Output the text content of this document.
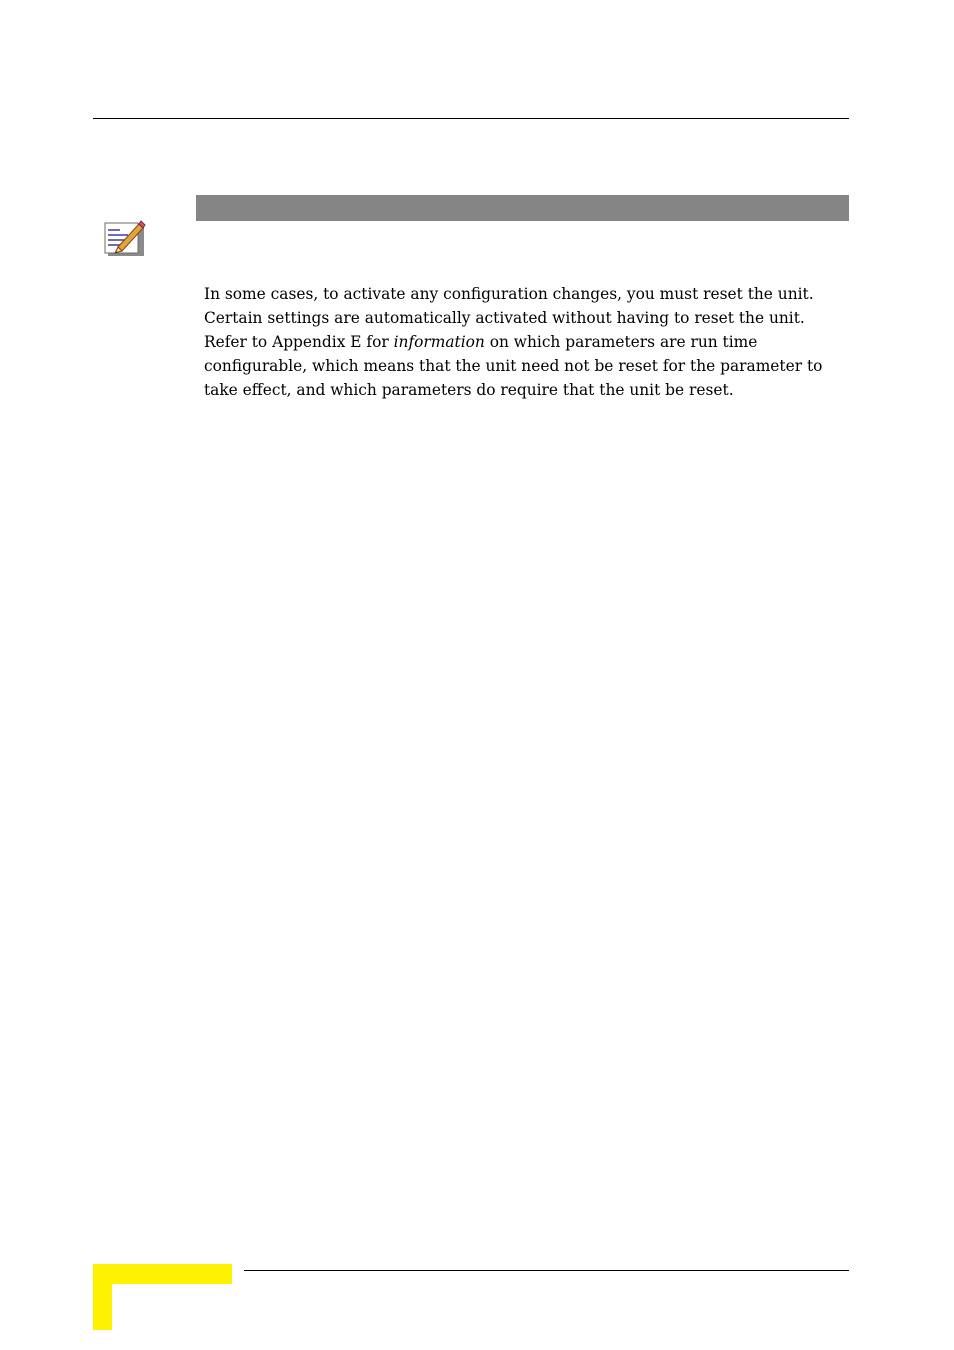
In some cases, to activate any configuration changes, you must reset the unit.
Certain settings are automatically activated without having to reset the unit.
Refer to Appendix E for information on which parameters are run time
configurable, which means that the unit need not be reset for the parameter to
take effect, and which parameters do require that the unit be reset.
